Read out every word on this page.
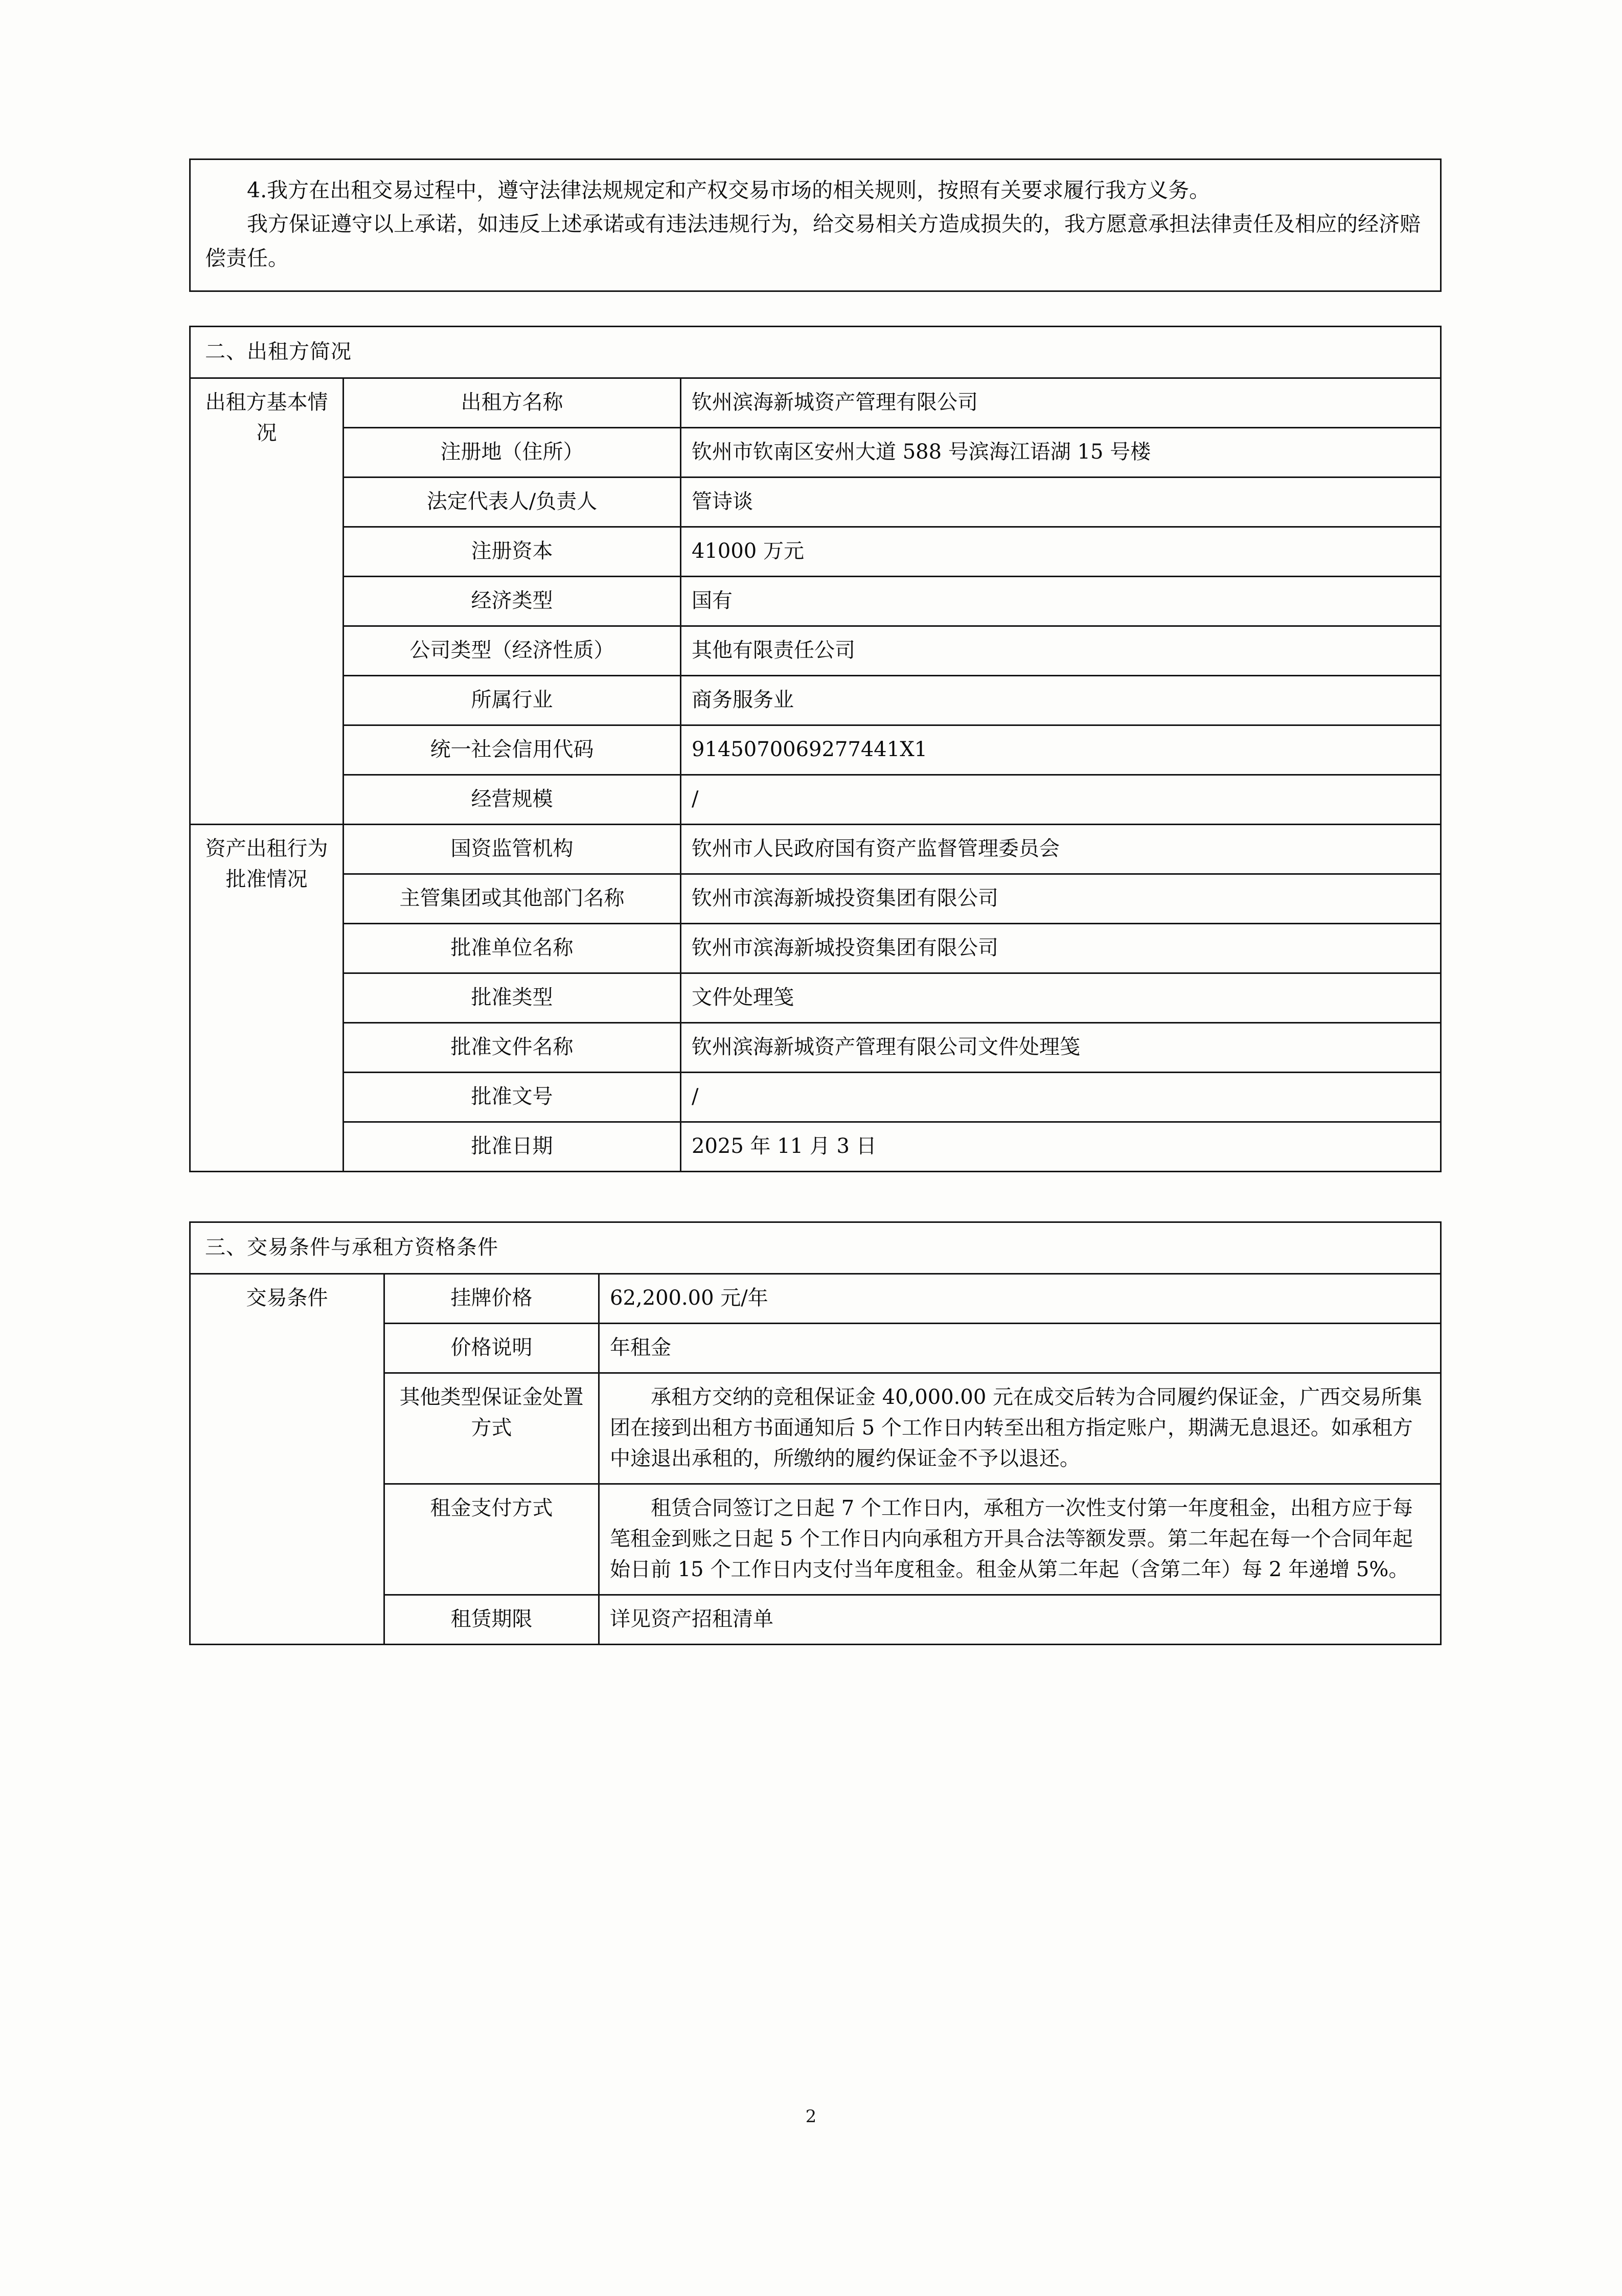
4.我方在出租交易过程中，遵守法律法规规定和产权交易市场的相关规则，按照有关要求履行我方义务。

我方保证遵守以上承诺，如违反上述承诺或有违法违规行为，给交易相关方造成损失的，我方愿意承担法律责任及相应的经济赔偿责任。

二、出租方简况		
出租方基本情况	出租方名称	钦州滨海新城资产管理有限公司
	注册地（住所）	钦州市钦南区安州大道 588 号滨海江语湖 15 号楼
	法定代表人/负责人	管诗谈
	注册资本	41000 万元
	经济类型	国有
	公司类型（经济性质）	其他有限责任公司
	所属行业	商务服务业
	统一社会信用代码	9145070069277441X1
	经营规模	/
资产出租行为批准情况	国资监管机构	钦州市人民政府国有资产监督管理委员会
	主管集团或其他部门名称	钦州市滨海新城投资集团有限公司
	批准单位名称	钦州市滨海新城投资集团有限公司
	批准类型	文件处理笺
	批准文件名称	钦州滨海新城资产管理有限公司文件处理笺
	批准文号	/
	批准日期	2025 年 11 月 3 日
三、交易条件与承租方资格条件		
交易条件	挂牌价格	62,200.00 元/年
	价格说明	年租金
	其他类型保证金处置方式	承租方交纳的竞租保证金 40,000.00 元在成交后转为合同履约保证金，广西交易所集团在接到出租方书面通知后 5 个工作日内转至出租方指定账户，期满无息退还。如承租方中途退出承租的，所缴纳的履约保证金不予以退还。
	租金支付方式	租赁合同签订之日起 7 个工作日内，承租方一次性支付第一年度租金，出租方应于每笔租金到账之日起 5 个工作日内向承租方开具合法等额发票。第二年起在每一个合同年起始日前 15 个工作日内支付当年度租金。租金从第二年起（含第二年）每 2 年递增 5%。
	租赁期限	详见资产招租清单
2
